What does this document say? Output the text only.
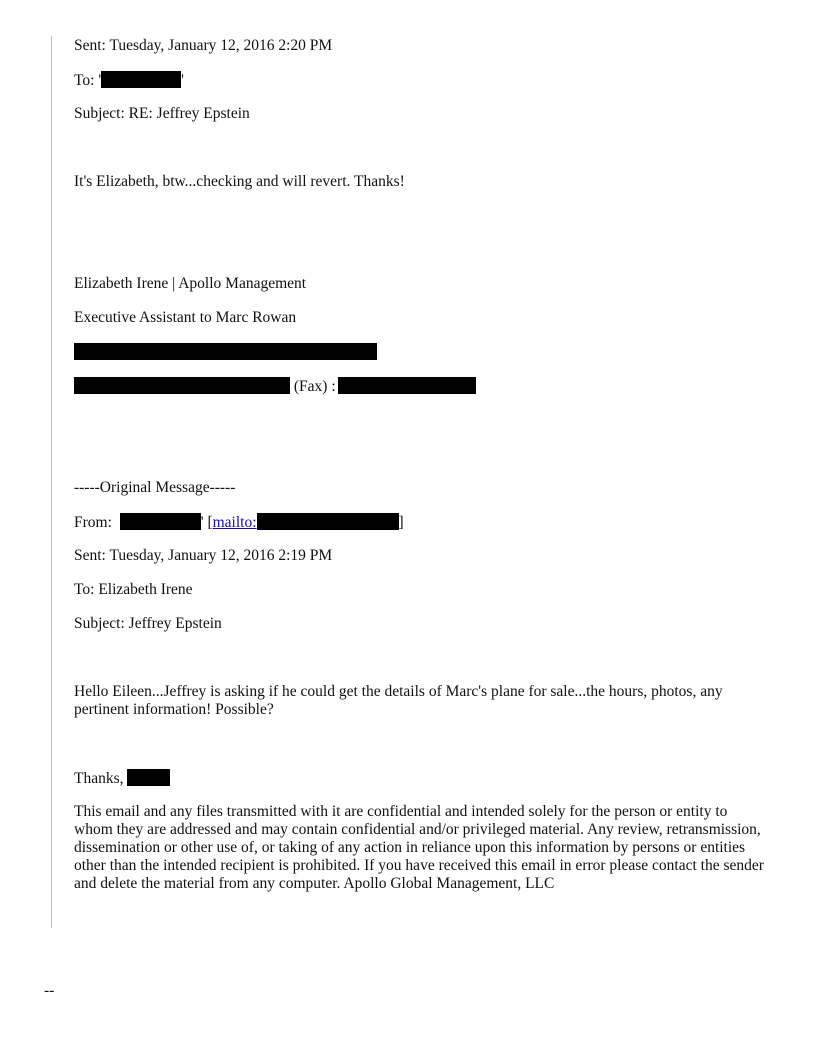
Sent: Tuesday, January 12, 2016 2:20 PM
To: '	'
Subject: RE: Jeffrey Epstein
It's Elizabeth, btw...checking and will revert. Thanks!
Elizabeth Irene | Apollo Management
Executive Assistant to Marc Rowan
(Fax) :
-----Original Message-----
From:	' [mailto:	]
Sent: Tuesday, January 12, 2016 2:19 PM
To: Elizabeth Irene
Subject: Jeffrey Epstein
Hello Eileen...Jeffrey is asking if he could get the details of Marc's plane for sale...the hours, photos, any pertinent information! Possible?
Thanks,
This email and any files transmitted with it are confidential and intended solely for the person or entity to whom they are addressed and may contain confidential and/or privileged material. Any review, retransmission, dissemination or other use of, or taking of any action in reliance upon this information by persons or entities other than the intended recipient is prohibited. If you have received this email in error please contact the sender and delete the material from any computer. Apollo Global Management, LLC
--
